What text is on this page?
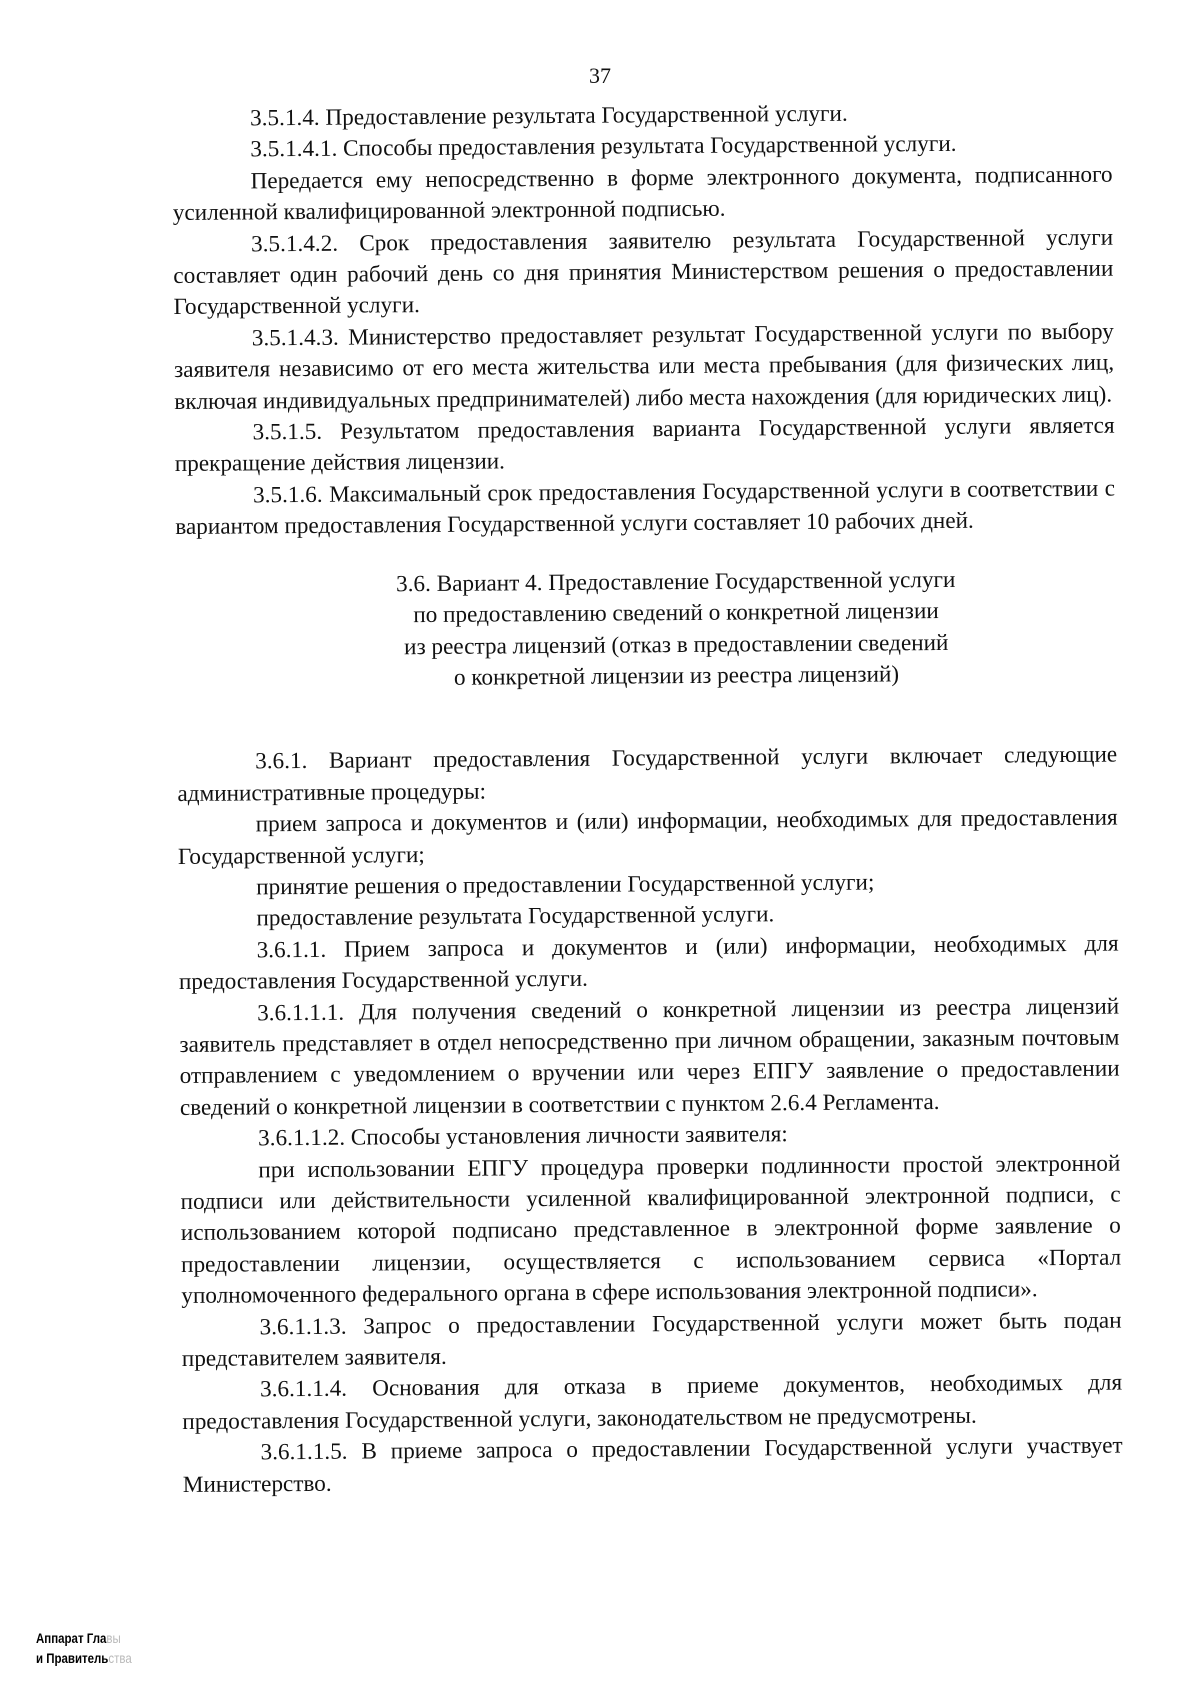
37

3.5.1.4. Предоставление результата Государственной услуги.

3.5.1.4.1. Способы предоставления результата Государственной услуги.

Передается ему непосредственно в форме электронного документа, подписанного усиленной квалифицированной электронной подписью.

3.5.1.4.2. Срок предоставления заявителю результата Государственной услуги составляет один рабочий день со дня принятия Министерством решения о предоставлении Государственной услуги.

3.5.1.4.3. Министерство предоставляет результат Государственной услуги по выбору заявителя независимо от его места жительства или места пребывания (для физических лиц, включая индивидуальных предпринимателей) либо места нахождения (для юридических лиц).

3.5.1.5. Результатом предоставления варианта Государственной услуги является прекращение действия лицензии.

3.5.1.6. Максимальный срок предоставления Государственной услуги в соответствии с вариантом предоставления Государственной услуги составляет 10 рабочих дней.

3.6. Вариант 4. Предоставление Государственной услуги
по предоставлению сведений о конкретной лицензии
из реестра лицензий (отказ в предоставлении сведений
о конкретной лицензии из реестра лицензий)

3.6.1. Вариант предоставления Государственной услуги включает следующие административные процедуры:

прием запроса и документов и (или) информации, необходимых для предоставления Государственной услуги;

принятие решения о предоставлении Государственной услуги;

предоставление результата Государственной услуги.

3.6.1.1. Прием запроса и документов и (или) информации, необходимых для предоставления Государственной услуги.

3.6.1.1.1. Для получения сведений о конкретной лицензии из реестра лицензий заявитель представляет в отдел непосредственно при личном обращении, заказным почтовым отправлением с уведомлением о вручении или через ЕПГУ заявление о предоставлении сведений о конкретной лицензии в соответствии с пунктом 2.6.4 Регламента.

3.6.1.1.2. Способы установления личности заявителя:

при использовании ЕПГУ процедура проверки подлинности простой электронной подписи или действительности усиленной квалифицированной электронной подписи, с использованием которой подписано представленное в электронной форме заявление о предоставлении лицензии, осуществляется с использованием сервиса «Портал уполномоченного федерального органа в сфере использования электронной подписи».

3.6.1.1.3. Запрос о предоставлении Государственной услуги может быть подан представителем заявителя.

3.6.1.1.4. Основания для отказа в приеме документов, необходимых для предоставления Государственной услуги, законодательством не предусмотрены.

3.6.1.1.5. В приеме запроса о предоставлении Государственной услуги участвует Министерство.

Аппарат Главы
и Правительства
